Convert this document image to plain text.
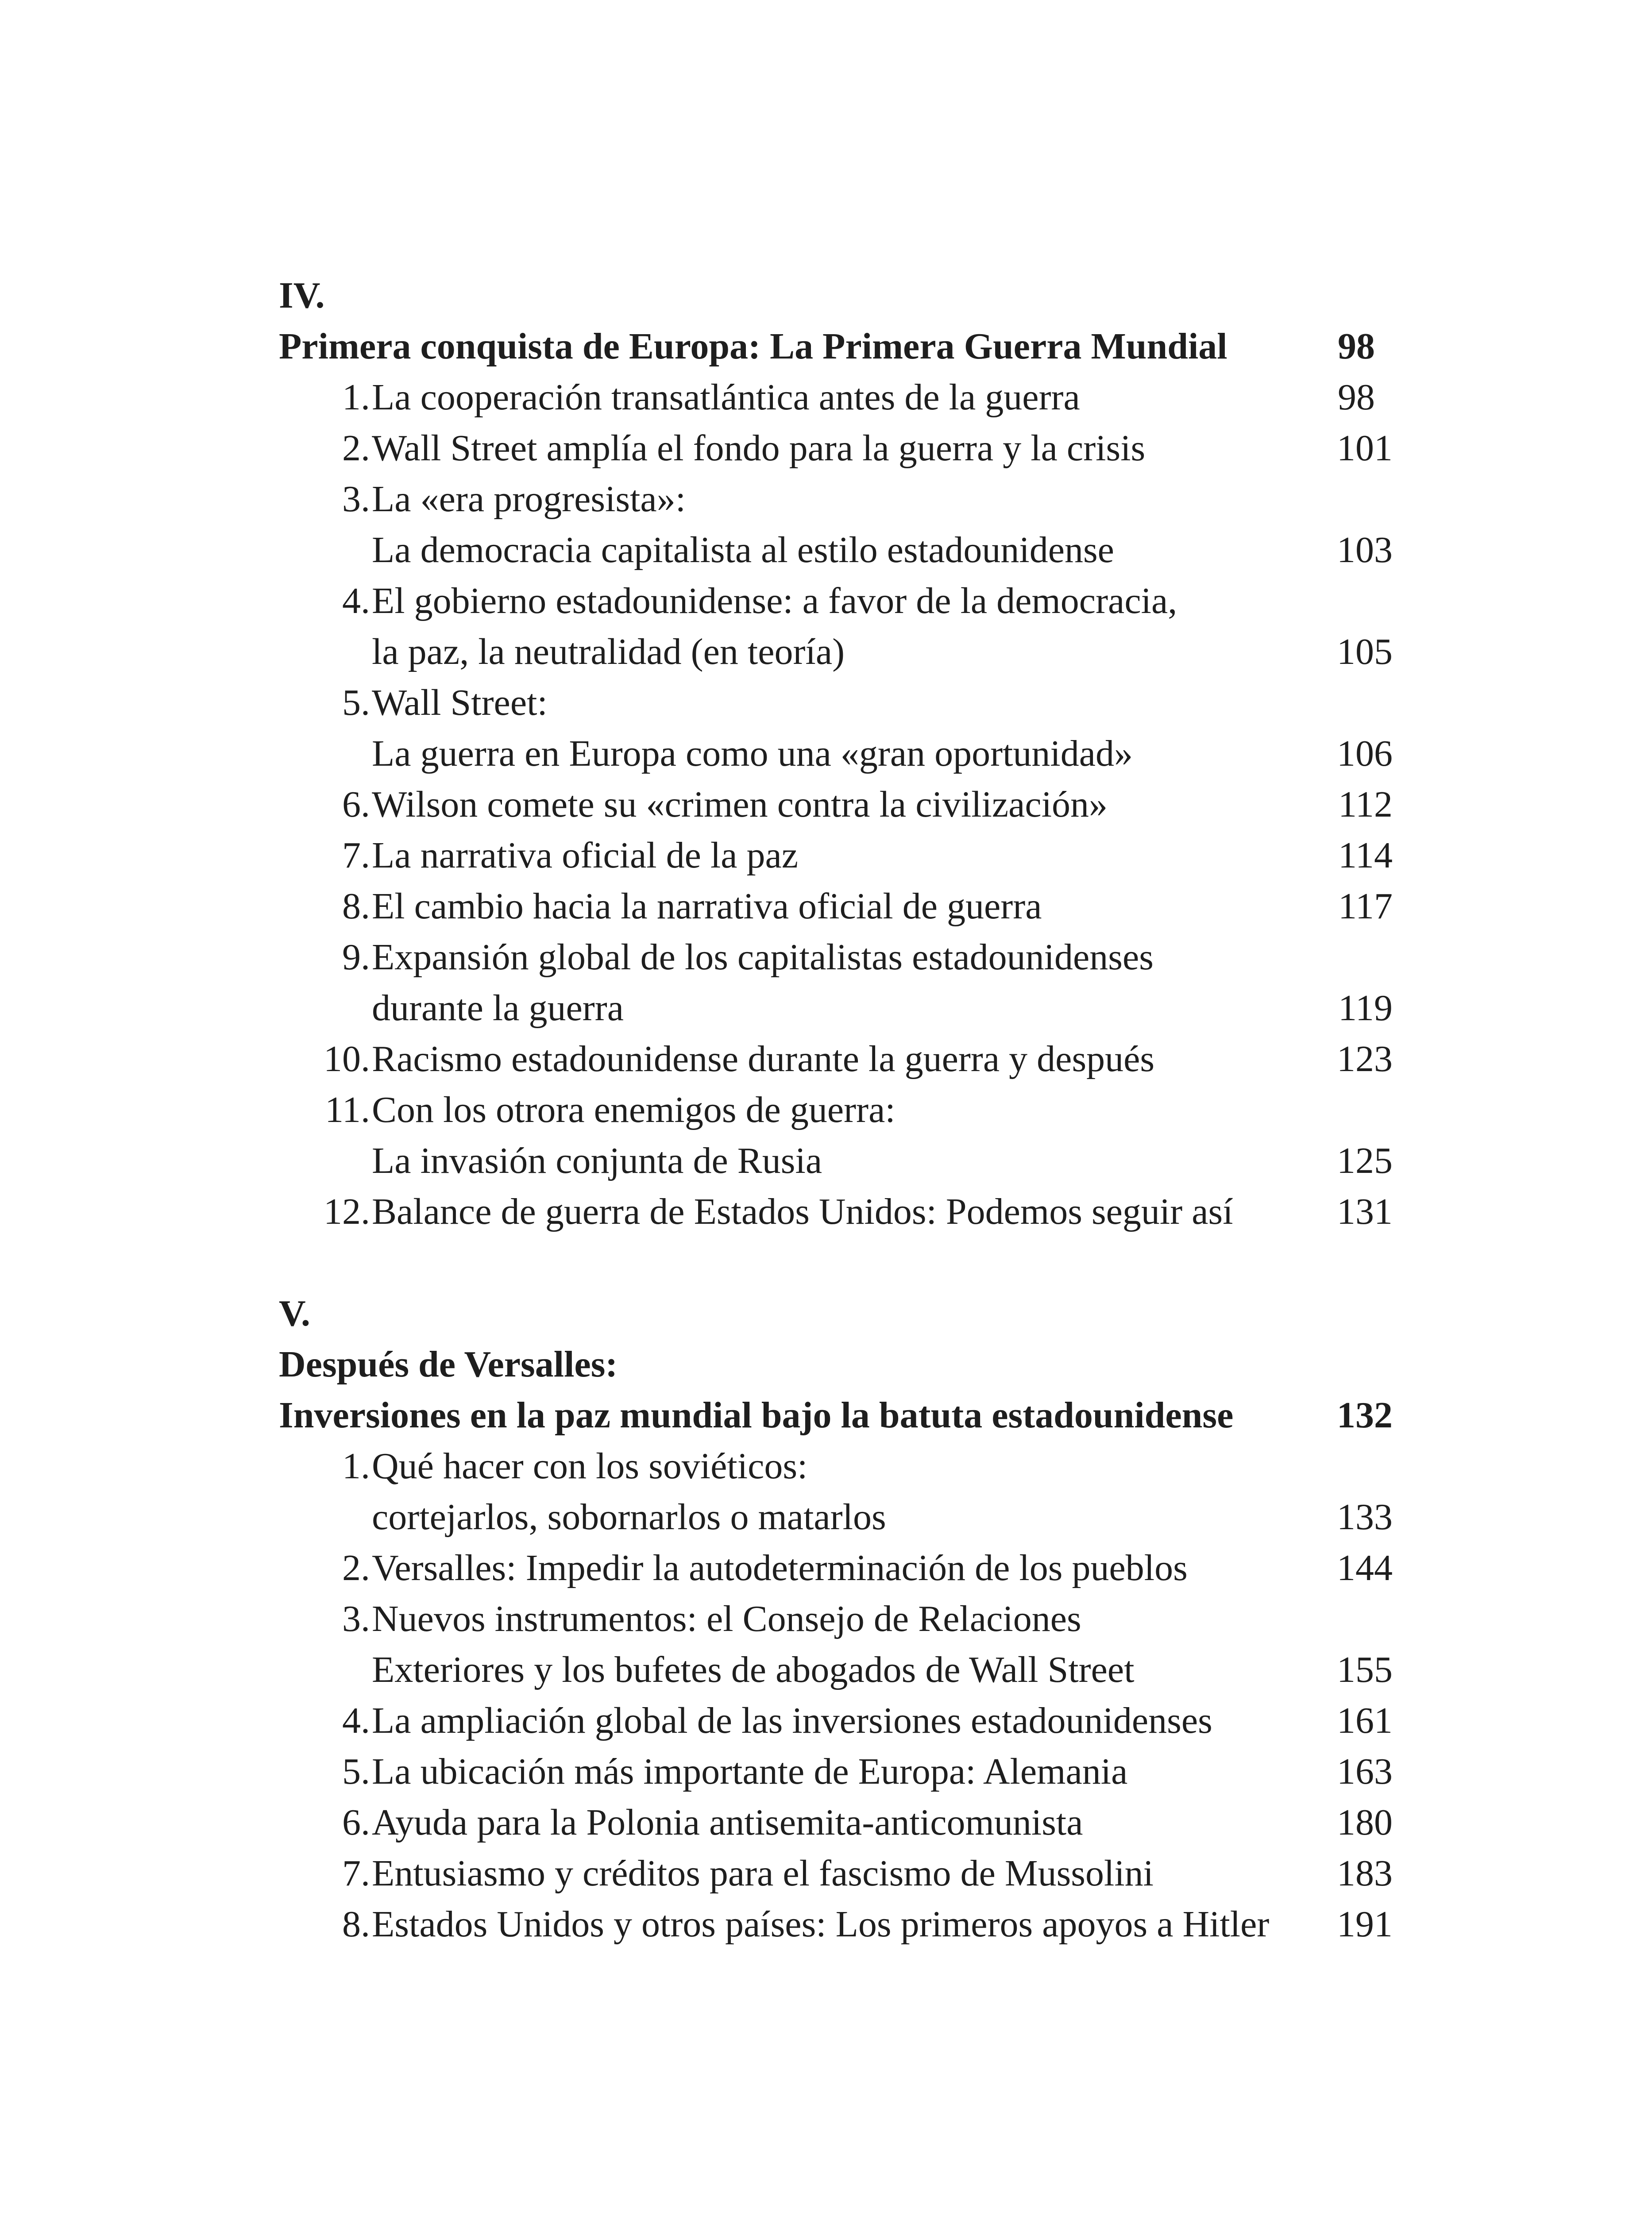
IV.
Primera conquista de Europa: La Primera Guerra Mundial	98
1. La cooperación transatlántica antes de la guerra	98
2. Wall Street amplía el fondo para la guerra y la crisis	101
3. La «era progresista»:
La democracia capitalista al estilo estadounidense	103
4. El gobierno estadounidense: a favor de la democracia,
la paz, la neutralidad (en teoría)	105
5. Wall Street:
La guerra en Europa como una «gran oportunidad»	106
6. Wilson comete su «crimen contra la civilización»	112
7. La narrativa oficial de la paz	114
8. El cambio hacia la narrativa oficial de guerra	117
9. Expansión global de los capitalistas estadounidenses
durante la guerra	119
10. Racismo estadounidense durante la guerra y después	123
11. Con los otrora enemigos de guerra:
La invasión conjunta de Rusia	125
12. Balance de guerra de Estados Unidos: Podemos seguir así	131
V.
Después de Versalles:
Inversiones en la paz mundial bajo la batuta estadounidense	132
1. Qué hacer con los soviéticos:
cortejarlos, sobornarlos o matarlos	133
2. Versalles: Impedir la autodeterminación de los pueblos	144
3. Nuevos instrumentos: el Consejo de Relaciones
Exteriores y los bufetes de abogados de Wall Street	155
4. La ampliación global de las inversiones estadounidenses	161
5. La ubicación más importante de Europa: Alemania	163
6. Ayuda para la Polonia antisemita-anticomunista	180
7. Entusiasmo y créditos para el fascismo de Mussolini	183
8. Estados Unidos y otros países: Los primeros apoyos a Hitler 191
